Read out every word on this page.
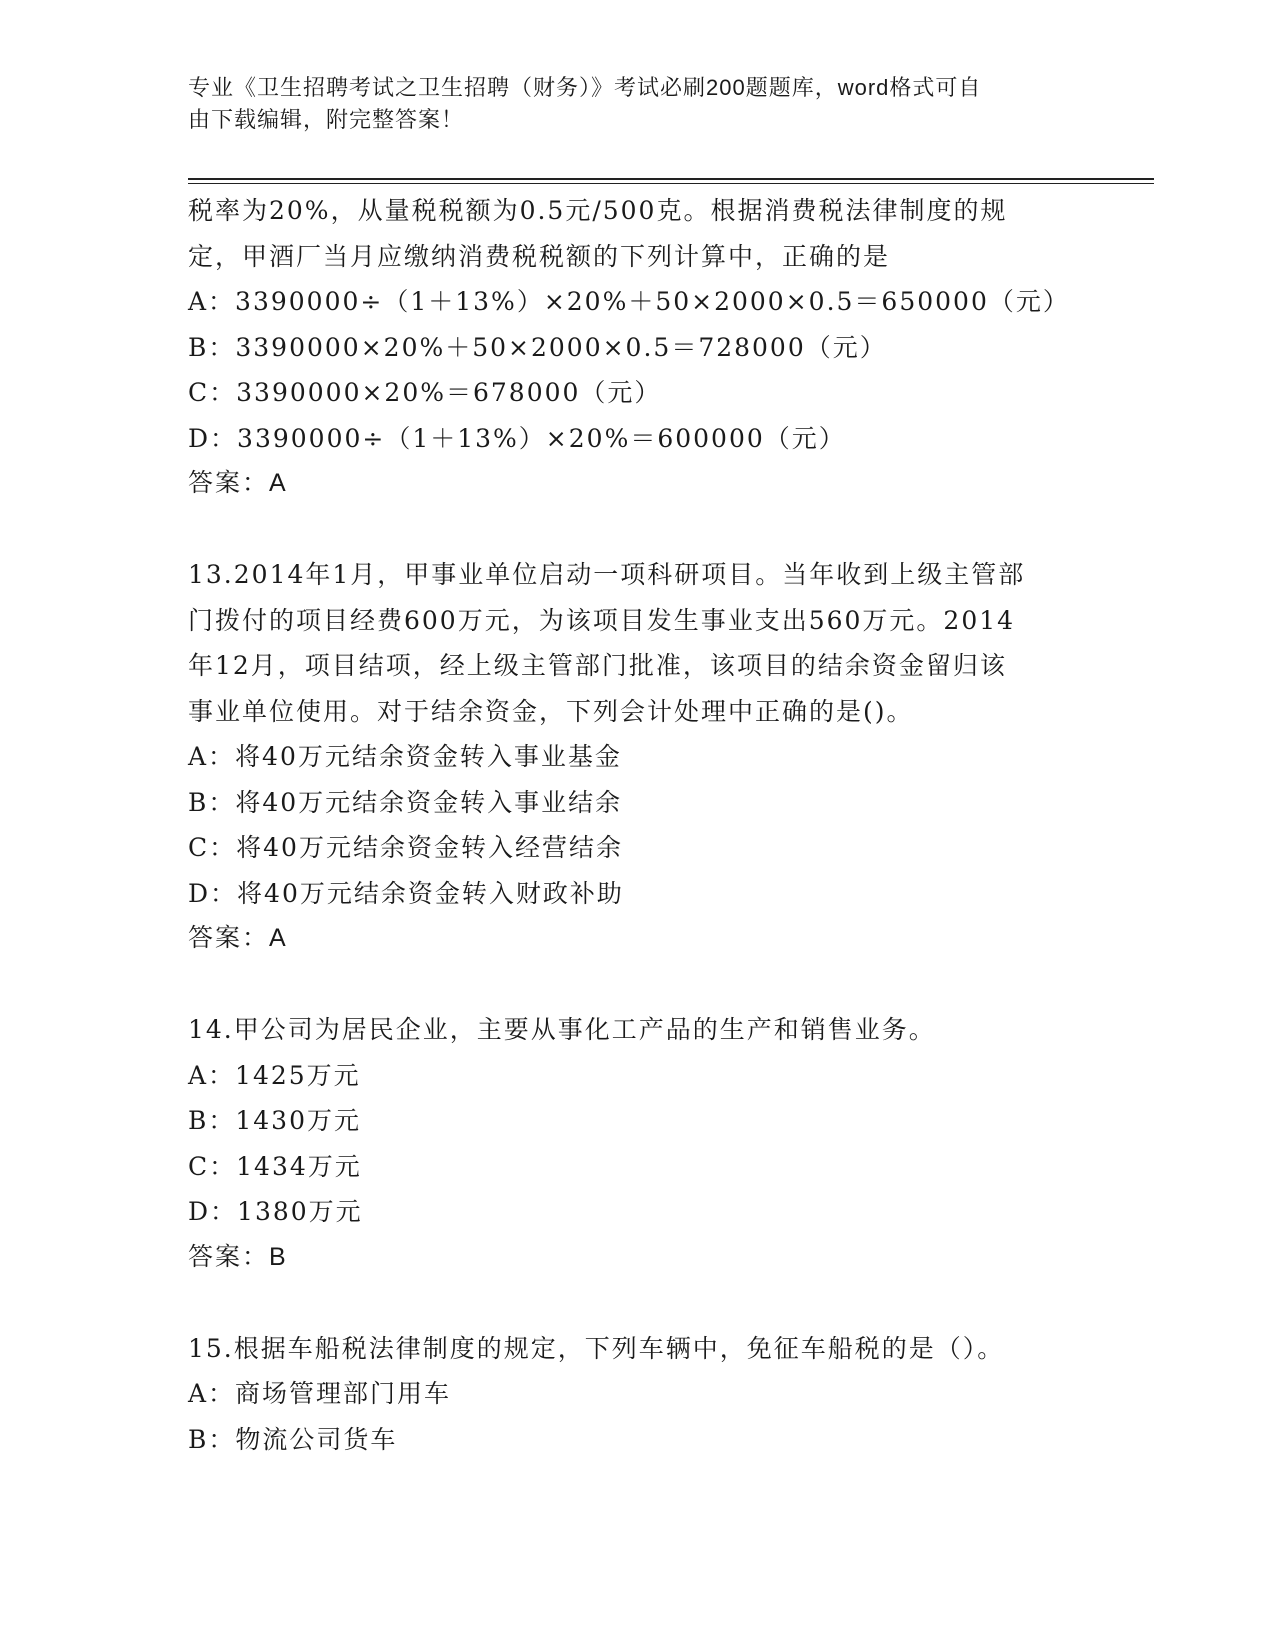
专业《卫生招聘考试之卫生招聘（财务）》考试必刷200题题库，word格式可自
由下载编辑，附完整答案！
税率为20%，从量税税额为0.5元/500克。根据消费税法律制度的规
定，甲酒厂当月应缴纳消费税税额的下列计算中，正确的是
A：3390000÷（1＋13%）×20%＋50×2000×0.5＝650000（元）
B：3390000×20%＋50×2000×0.5＝728000（元）
C：3390000×20%＝678000（元）
D：3390000÷（1＋13%）×20%＝600000（元）
答案：A
13.2014年1月，甲事业单位启动一项科研项目。当年收到上级主管部
门拨付的项目经费600万元，为该项目发生事业支出560万元。2014
年12月，项目结项，经上级主管部门批准，该项目的结余资金留归该
事业单位使用。对于结余资金，下列会计处理中正确的是()。
A：将40万元结余资金转入事业基金
B：将40万元结余资金转入事业结余
C：将40万元结余资金转入经营结余
D：将40万元结余资金转入财政补助
答案：A
14.甲公司为居民企业，主要从事化工产品的生产和销售业务。
A：1425万元
B：1430万元
C：1434万元
D：1380万元
答案：B
15.根据车船税法律制度的规定，下列车辆中，免征车船税的是（）。
A：商场管理部门用车
B：物流公司货车
